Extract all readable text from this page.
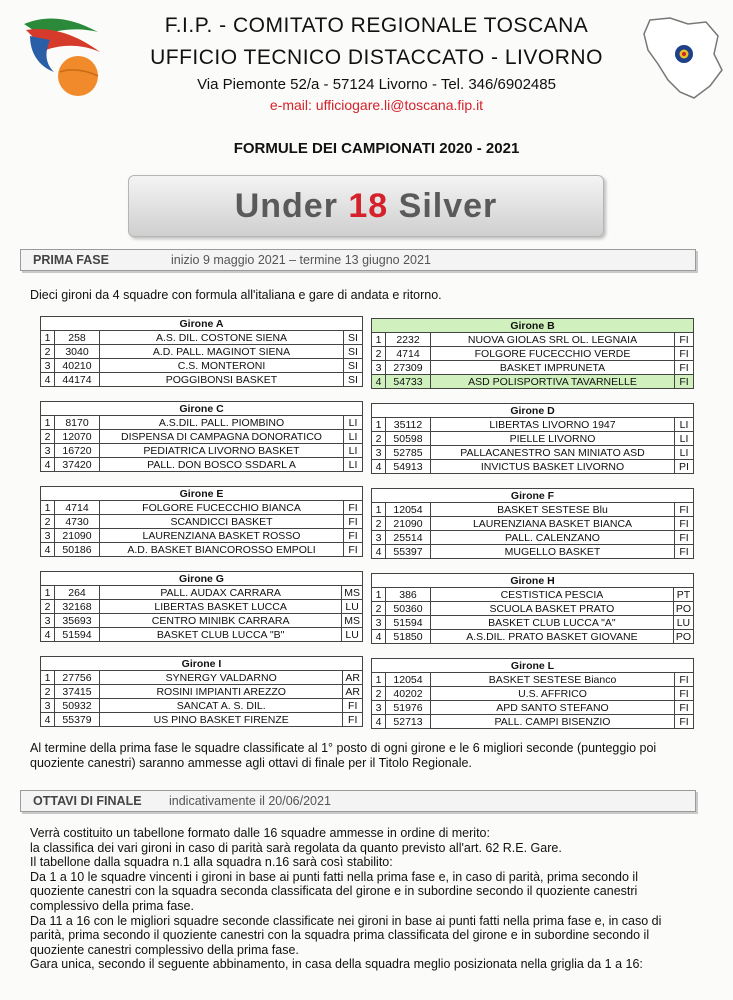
F.I.P. - COMITATO REGIONALE TOSCANA
UFFICIO TECNICO DISTACCATO - LIVORNO
Via Piemonte 52/a - 57124 Livorno - Tel. 346/6902485
e-mail: ufficiogare.li@toscana.fip.it
FORMULE DEI CAMPIONATI 2020 - 2021
Under 18 Silver
PRIMA FASE	inizio 9 maggio 2021 – termine 13 giugno 2021
Dieci gironi da 4 squadre con formula all'italiana e gare di andata e ritorno.
Girone A			
1	258	A.S. DIL. COSTONE SIENA	SI
2	3040	A.D. PALL. MAGINOT SIENA	SI
3	40210	C.S. MONTERONI	SI
4	44174	POGGIBONSI BASKET	SI
Girone B			
1	2232	NUOVA GIOLAS SRL OL. LEGNAIA	FI
2	4714	FOLGORE FUCECCHIO VERDE	FI
3	27309	BASKET IMPRUNETA	FI
4	54733	ASD POLISPORTIVA TAVARNELLE	FI
Girone C			
1	8170	A.S.DIL. PALL. PIOMBINO	LI
2	12070	DISPENSA DI CAMPAGNA DONORATICO	LI
3	16720	PEDIATRICA LIVORNO BASKET	LI
4	37420	PALL. DON BOSCO SSDARL A	LI
Girone D			
1	35112	LIBERTAS LIVORNO 1947	LI
2	50598	PIELLE LIVORNO	LI
3	52785	PALLACANESTRO SAN MINIATO ASD	LI
4	54913	INVICTUS BASKET LIVORNO	PI
Girone E			
1	4714	FOLGORE FUCECCHIO BIANCA	FI
2	4730	SCANDICCI BASKET	FI
3	21090	LAURENZIANA BASKET ROSSO	FI
4	50186	A.D. BASKET BIANCOROSSO EMPOLI	FI
Girone F			
1	12054	BASKET SESTESE Blu	FI
2	21090	LAURENZIANA BASKET BIANCA	FI
3	25514	PALL. CALENZANO	FI
4	55397	MUGELLO BASKET	FI
Girone G			
1	264	PALL. AUDAX CARRARA	MS
2	32168	LIBERTAS BASKET LUCCA	LU
3	35693	CENTRO MINIBK CARRARA	MS
4	51594	BASKET CLUB LUCCA "B"	LU
Girone H			
1	386	CESTISTICA PESCIA	PT
2	50360	SCUOLA BASKET PRATO	PO
3	51594	BASKET CLUB LUCCA "A"	LU
4	51850	A.S.DIL. PRATO BASKET GIOVANE	PO
Girone I			
1	27756	SYNERGY VALDARNO	AR
2	37415	ROSINI IMPIANTI AREZZO	AR
3	50932	SANCAT A. S. DIL.	FI
4	55379	US PINO BASKET FIRENZE	FI
Girone L			
1	12054	BASKET SESTESE Bianco	FI
2	40202	U.S. AFFRICO	FI
3	51976	APD SANTO STEFANO	FI
4	52713	PALL. CAMPI BISENZIO	FI
Al termine della prima fase le squadre classificate al 1° posto di ogni girone e le 6 migliori seconde (punteggio poi quoziente canestri) saranno ammesse agli ottavi di finale per il Titolo Regionale.
OTTAVI DI FINALE indicativamente il 20/06/2021
Verrà costituito un tabellone formato dalle 16 squadre ammesse in ordine di merito:
la classifica dei vari gironi in caso di parità sarà regolata da quanto previsto all'art. 62 R.E. Gare.
Il tabellone dalla squadra n.1 alla squadra n.16 sarà così stabilito:
Da 1 a 10 le squadre vincenti i gironi in base ai punti fatti nella prima fase e, in caso di parità, prima secondo il quoziente canestri con la squadra seconda classificata del girone e in subordine secondo il quoziente canestri complessivo della prima fase.
Da 11 a 16 con le migliori squadre seconde classificate nei gironi in base ai punti fatti nella prima fase e, in caso di parità, prima secondo il quoziente canestri con la squadra prima classificata del girone e in subordine secondo il quoziente canestri complessivo della prima fase.
Gara unica, secondo il seguente abbinamento, in casa della squadra meglio posizionata nella griglia da 1 a 16:
